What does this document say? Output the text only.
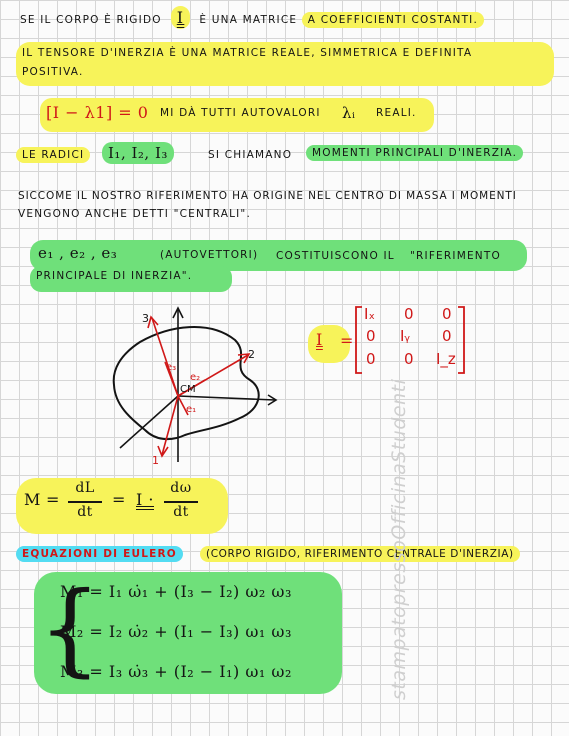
SE IL CORPO È RIGIDO I È UNA MATRICE A COEFFICIENTI COSTANTI.
IL TENSORE D'INERZIA È UNA MATRICE REALE, SIMMETRICA E DEFINITA
POSITIVA.
[I − λ1] = 0 MI DÀ TUTTI AUTOVALORI λᵢ REALI.
LE RADICI	I₁, I₂, I₃	SI CHIAMANO	MOMENTI PRINCIPALI D'INERZIA.
SICCOME IL NOSTRO RIFERIMENTO HA ORIGINE NEL CENTRO DI MASSA I MOMENTI
VENGONO ANCHE DETTI "CENTRALI".
e₁ , e₂ , e₃	(AUTOVETTORI) COSTITUISCONO IL "RIFERIMENTO
PRINCIPALE DI INERZIA".
3
2
1
e₃
e₂
e₁
CM
I =
Iₓ 0 0
0 Iᵧ 0
0 0 I_z
M =
dL
dt
= I ·
dω
dt
EQUAZIONI DI EULERO	(CORPO RIGIDO, RIFERIMENTO CENTRALE D'INERZIA)
{
M₁ = I₁ ω̇₁ + (I₃ − I₂) ω₂ ω₃
M₂ = I₂ ω̇₂ + (I₁ − I₃) ω₁ ω₃
M₃ = I₃ ω̇₃ + (I₂ − I₁) ω₁ ω₂	stampatopressoOfficinaStudenti
